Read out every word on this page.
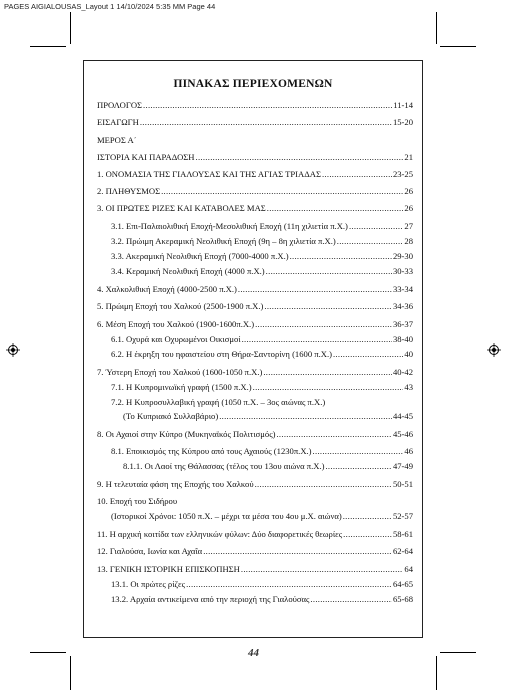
PAGES AIGIALOUSAS_Layout 1 14/10/2024 5:35 ΜΜ Page 44
ΠΙΝΑΚΑΣ ΠΕΡΙΕΧΟΜΕΝΩΝ
ΠΡΟΛΟΓΟΣ .....	11-14
ΕΙΣΑΓΩΓΗ .....	15-20
ΜΕΡΟΣ Α΄
ΙΣΤΟΡΙΑ ΚΑΙ ΠΑΡΑΔΟΣΗ .....	21
1. ΟΝΟΜΑΣΙΑ ΤΗΣ ΓΙΑΛΟΥΣΑΣ ΚΑΙ ΤΗΣ ΑΓΙΑΣ ΤΡΙΑΔΑΣ .....	23-25
2. ΠΛΗΘΥΣΜΟΣ .....	26
3. ΟΙ ΠΡΩΤΕΣ ΡΙΖΕΣ ΚΑΙ ΚΑΤΑΒΟΛΕΣ ΜΑΣ .....	26
3.1. Επι-Παλαιολιθική Εποχή-Μεσολιθική Εποχή (11η χιλιετία π.Χ.) .....	27
3.2. Πρώιμη Ακεραμική Νεολιθική Εποχή (9η – 8η χιλιετία π.Χ.) .....	28
3.3. Ακεραμική Νεολιθική Εποχή (7000-4000 π.Χ.) .....	29-30
3.4. Κεραμική Νεολιθική Εποχή (4000 π.Χ.) .....	30-33
4. Χαλκολιθική Εποχή (4000-2500 π.Χ.) .....	33-34
5. Πρώιμη Εποχή του Χαλκού (2500-1900 π.Χ.) .....	34-36
6. Μέση Εποχή του Χαλκού (1900-1600π.Χ.) .....	36-37
6.1. Οχυρά και Οχυρωμένοι Οικισμοί .....	38-40
6.2. Η έκρηξη του ηφαιστείου στη Θήρα-Σαντορίνη (1600 π.Χ.) .....	40
7. Ύστερη Εποχή του Χαλκού (1600-1050 π.Χ.) .....	40-42
7.1. Η Κυπρομινωϊκή γραφή (1500 π.Χ.) .....	43
7.2. Η Κυπροσυλλαβική γραφή (1050 π.Χ. – 3ος αιώνας π.Χ.)
(Το Κυπριακό Συλλαβάριο) .....	44-45
8. Οι Αχαιοί στην Κύπρο (Μυκηναϊκός Πολιτισμός) .....	45-46
8.1. Εποικισμός της Κύπρου από τους Αχαιούς (1230π.Χ.) .....	46
8.1.1. Οι Λαοί της Θάλασσας (τέλος του 13ου αιώνα π.Χ.) .....	47-49
9. Η τελευταία φάση της Εποχής του Χαλκού .....	50-51
10. Εποχή του Σιδήρου
(Ιστορικοί Χρόνοι: 1050 π.Χ. – μέχρι τα μέσα του 4ου μ.Χ. αιώνα) .....	52-57
11. Η αρχική κοιτίδα των ελληνικών φύλων: Δύο διαφορετικές θεωρίες .....	58-61
12. Γιαλούσα, Ιωνία και Αχαΐα .....	62-64
13. ΓΕΝΙΚΗ ΙΣΤΟΡΙΚΗ ΕΠΙΣΚΟΠΗΣΗ .....	64
13.1. Οι πρώτες ρίζες .....	64-65
13.2. Αρχαία αντικείμενα από την περιοχή της Γιαλούσας .....	65-68
44
